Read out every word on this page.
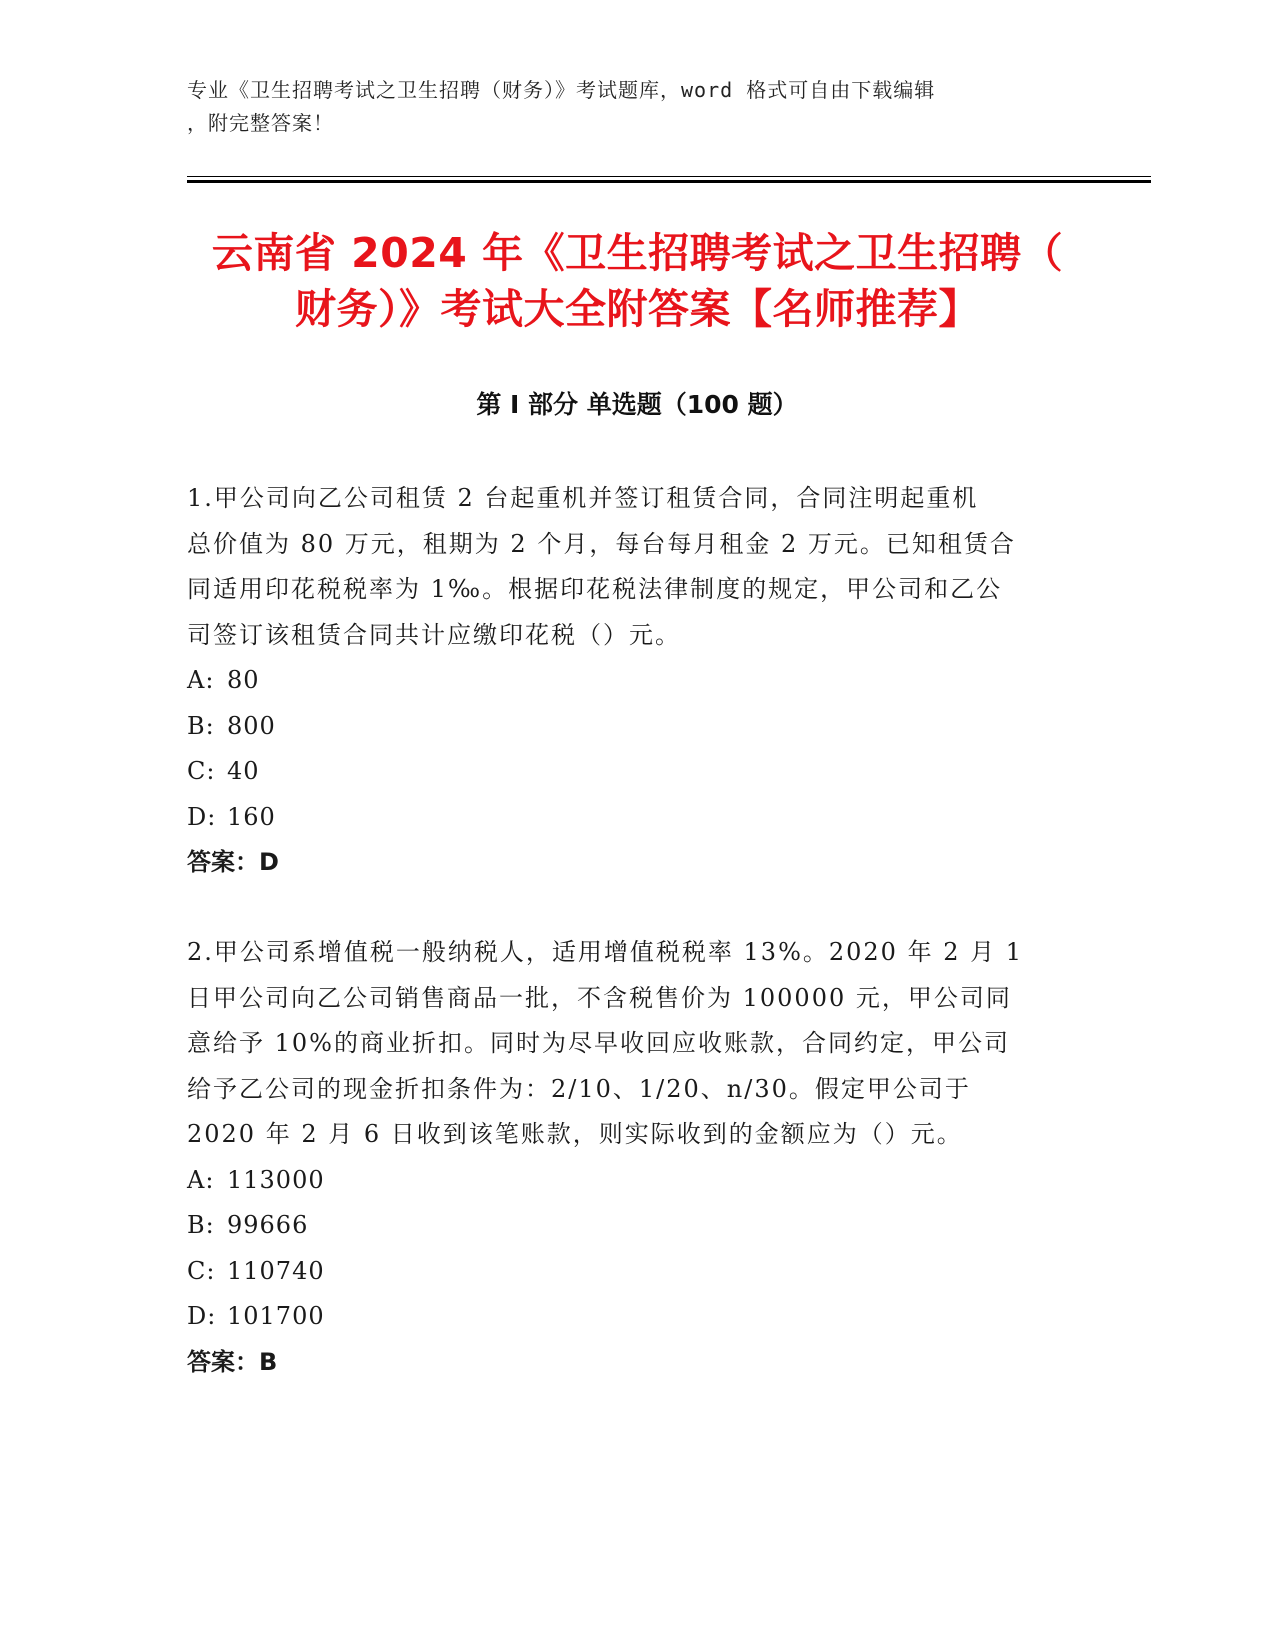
专业《卫生招聘考试之卫生招聘（财务）》考试题库，word 格式可自由下载编辑
，附完整答案！
云南省 2024 年《卫生招聘考试之卫生招聘（
财务）》考试大全附答案【名师推荐】
第 I 部分 单选题（100 题）

1.甲公司向乙公司租赁 2 台起重机并签订租赁合同，合同注明起重机

总价值为 80 万元，租期为 2 个月，每台每月租金 2 万元。已知租赁合

同适用印花税税率为 1‰。根据印花税法律制度的规定，甲公司和乙公

司签订该租赁合同共计应缴印花税（）元。

A: 80

B: 800

C: 40

D: 160

答案：D

2.甲公司系增值税一般纳税人，适用增值税税率 13%。2020 年 2 月 1

日甲公司向乙公司销售商品一批，不含税售价为 100000 元，甲公司同

意给予 10%的商业折扣。同时为尽早收回应收账款，合同约定，甲公司

给予乙公司的现金折扣条件为：2/10、1/20、n/30。假定甲公司于

2020 年 2 月 6 日收到该笔账款，则实际收到的金额应为（）元。

A: 113000

B: 99666

C: 110740

D: 101700

答案：B
